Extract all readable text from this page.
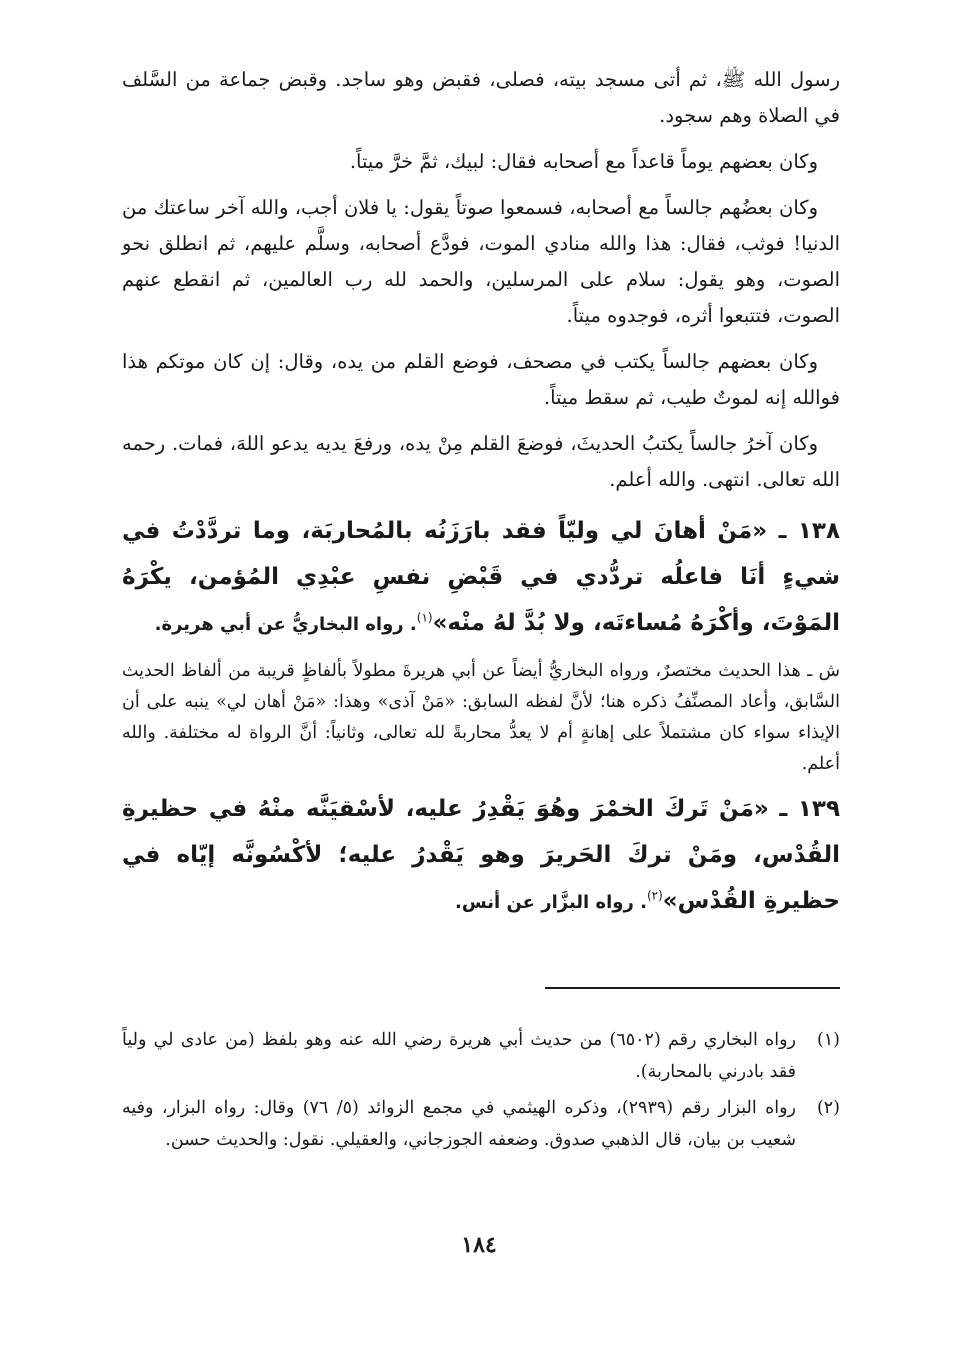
رسول الله ﷺ، ثم أتى مسجد بيته، فصلى، فقبض وهو ساجد. وقبض جماعة من السَّلف في الصلاة وهم سجود.

وكان بعضهم يوماً قاعداً مع أصحابه فقال: لبيك، ثمَّ خرَّ ميتاً.

وكان بعضُهم جالساً مع أصحابه، فسمعوا صوتاً يقول: يا فلان أجب، والله آخر ساعتك من الدنيا! فوثب، فقال: هذا والله منادي الموت، فودَّع أصحابه، وسلَّم عليهم، ثم انطلق نحو الصوت، وهو يقول: سلام على المرسلين، والحمد لله رب العالمين، ثم انقطع عنهم الصوت، فتتبعوا أثره، فوجدوه ميتاً.

وكان بعضهم جالساً يكتب في مصحف، فوضع القلم من يده، وقال: إن كان موتكم هذا فوالله إنه لموتٌ طيب، ثم سقط ميتاً.

وكان آخرُ جالساً يكتبُ الحديثَ، فوضعَ القلم مِنْ يده، ورفعَ يديه يدعو اللهَ، فمات. رحمه الله تعالى. انتهى. والله أعلم.

١٣٨ ـ «مَنْ أهانَ لي وليّاً فقد بارَزَنُه بالمُحاربَة، وما تردَّدْتُ في شيءٍ أنَا فاعلُه تردُّدي في قَبْضِ نفسِ عبْدِي المُؤمن، يكْرَهُ المَوْتَ، وأكْرَهُ مُساءتَه، ولا بُدَّ لهُ منْه»$^{(١)}$. رواه البخاريُّ عن أبي هريرة.

ش ـ هذا الحديث مختصرٌ، ورواه البخاريُّ أيضاً عن أبي هريرةَ مطولاً بألفاظٍ قريبة من ألفاظ الحديث السَّابق، وأعاد المصنِّفُ ذكره هنا؛ لأنَّ لفظه السابق: «مَنْ آذى» وهذا: «مَنْ أهان لي» ينبه على أن الإيذاء سواء كان مشتملاً على إهانةٍ أم لا يعدُّ محاربةً لله تعالى، وثانياً: أنَّ الرواة له مختلفة. والله أعلم.

١٣٩ ـ «مَنْ تَركَ الخمْرَ وهُوَ يَقْدِرُ عليه، لأسْقيَنَّه منْهُ في حظيرةِ القُدْس، ومَنْ تركَ الحَريرَ وهو يَقْدرُ عليه؛ لأكْسُونَّه إيّاه في حظيرةِ القُدْس»$^{(٢)}$. رواه البزَّار عن أنس.

(١)
رواه البخاري رقم (٦٥٠٢) من حديث أبي هريرة رضي الله عنه وهو بلفظ (من عادى لي ولياً فقد بادرني بالمحاربة).
(٢)
رواه البزار رقم (٢٩٣٩)، وذكره الهيثمي في مجمع الزوائد (٥/ ٧٦) وقال: رواه البزار، وفيه شعيب بن بيان، قال الذهبي صدوق. وضعفه الجوزجاني، والعقيلي. نقول: والحديث حسن.
١٨٤
